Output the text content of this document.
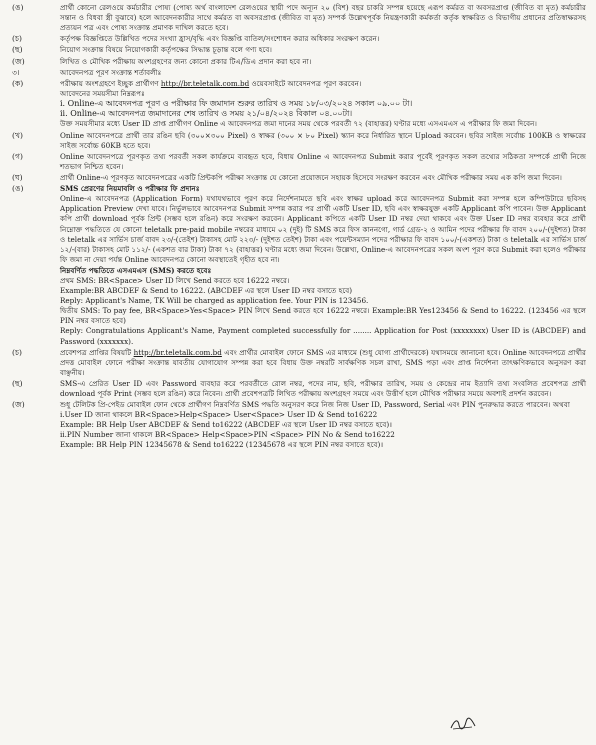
(ঙ)	প্রার্থী কোনো রেলওয়ে কর্মচারীর পোষ্য (পোষ্য অর্থ বাংলাদেশ রেলওয়ের স্থায়ী পদে অন্যূন ২০ (বিশ) বছর চাকরি সম্পন্ন হয়েছে এরূপ কর্মরত বা অবসরপ্রাপ্ত (জীবিত বা মৃত) কর্মচারীর সন্তান ও বিধবা স্ত্রী বুঝাবে) হলে আবেদনকারীর সাথে কর্মরত বা অবসরপ্রাপ্ত (জীবিত বা মৃত) সম্পর্ক উল্লেখপূর্বক নিয়ন্ত্রণকারী কর্মকর্তা কর্তৃক স্বাক্ষরিত ও বিভাগীয় প্রধানের প্রতিস্বাক্ষরসহ প্রত্যয়ন পত্র এবং পোষ্য সংক্রান্ত প্রমাণক দাখিল করতে হবে।

(চ)	কর্তৃপক্ষ বিজ্ঞপ্তিতে উল্লিখিত পদের সংখ্যা হ্রাস/বৃদ্ধি এবং বিজ্ঞপ্তি বাতিল/সংশোধন করার অধিকার সংরক্ষণ করেন।

(ছ)	নিয়োগ সংক্রান্ত বিষয়ে নিয়োগকারী কর্তৃপক্ষের সিদ্ধান্ত চূড়ান্ত বলে গণ্য হবে।

(জ)	লিখিত ও মৌখিক পরীক্ষায় অংশগ্রহণের জন্য কোনো প্রকার টিএ/ডিএ প্রদান করা হবে না।

৩।	আবেদনপত্র পূরণ সংক্রান্ত শর্তাবলীঃ

(ক)	পরীক্ষায় অংশগ্রহণে ইচ্ছুক প্রার্থীগণ http://br.teletalk.com.bd ওয়েবসাইটে আবেদনপত্র পূরণ করবেন।

আবেদনের সময়সীমা নিম্নরূপঃ

i. Online-এ আবেদনপত্র পূরণ ও পরীক্ষার ফি জমাদান শুরুর তারিখ ও সময় ১৮/০৩/২০২৪ সকাল ০৯.০০ টা।

ii. Online-এ আবেদনপত্র জমাদানের শেষ তারিখ ও সময় ২১/০৪/২০২৪ বিকাল ০৪.০০টা।

উক্ত সময়সীমার মধ্যে User ID প্রাপ্ত প্রার্থীগণ Online এ আবেদনপত্র জমা দানের সময় থেকে পরবর্তী ৭২ (বাহাত্তর) ঘণ্টার মধ্যে এসএমএস এ পরীক্ষার ফি জমা দিবেন।

(খ)	Online আবেদনপত্রে প্রার্থী তার রঙিন ছবি (৩০০×৩০০ Pixel) ও স্বাক্ষর (৩০০ × ৮০ Pixel) স্ক্যান করে নির্ধারিত স্থানে Upload করবেন। ছবির সাইজ সর্বোচ্চ 100KB ও স্বাক্ষরের সাইজ সর্বোচ্চ 60KB হতে হবে।

(গ)	Online আবেদনপত্রে পূরণকৃত তথ্য পরবর্তী সকল কার্যক্রমে ব্যবহৃত হবে, বিধায় Online এ আবেদনপত্র Submit করার পূর্বেই পূরণকৃত সকল তথ্যের সঠিকতা সম্পর্কে প্রার্থী নিজে শতভাগ নিশ্চিত হবেন।

(ঘ)	প্রার্থী Online-এ পূরণকৃত আবেদনপত্রের একটি প্রিন্টকপি পরীক্ষা সংক্রান্ত যে কোনো প্রয়োজনে সহায়ক হিসেবে সংরক্ষণ করবেন এবং মৌখিক পরীক্ষার সময় এক কপি জমা দিবেন।

(ঙ)	SMS প্রেরণের নিয়মাবলি ও পরীক্ষার ফি প্রদানঃ

Online-এ আবেদনপত্র (Application Form) যথাযথভাবে পূরণ করে নির্দেশনামতে ছবি এবং স্বাক্ষর upload করে আবেদনপত্র Submit করা সম্পন্ন হলে কম্পিউটারে ছবিসহ Application Preview দেখা যাবে। নির্ভুলভাবে আবেদনপত্র Submit সম্পন্ন করার পর প্রার্থী একটি User ID, ছবি এবং স্বাক্ষরযুক্ত একটি Applicant কপি পাবেন। উক্ত Applicant কপি প্রার্থী download পূর্বক প্রিন্ট (সম্ভব হলে রঙিন) করে সংরক্ষণ করবেন। Applicant কপিতে একটি User ID নম্বর দেয়া থাকবে এবং উক্ত User ID নম্বর ব্যবহার করে প্রার্থী নিম্নোক্ত পদ্ধতিতে যে কোনো teletalk pre-paid mobile নম্বরের মাধ্যমে ০২ (দুই) টি SMS করে ফিস কাননগো, গার্ড গ্রেড-২ ও আমিন পদের পরীক্ষার ফি বাবদ ২০০/-(দুইশত) টাকা ও teletalk এর সার্ভিস চার্জ বাবদ ২৩/-(তেইশ) টাকাসহ মোট ২২৩/- (দুইশত তেইশ) টাকা এবং পয়েন্টসম্যান পদের পরীক্ষার ফি বাবদ ১০০/-(একশত) টাকা ও teletalk এর সার্ভিস চার্জ ১২/-(বার) টাকাসহ মোট ১১২/- (একশত বার টাকা) টাকা ৭২ (বাহাত্তর) ঘণ্টার মধ্যে জমা দিবেন। উল্লেখ্য, Online-এ আবেদনপত্রের সকল অংশ পূরণ করে Submit করা হলেও পরীক্ষার ফি জমা না দেয়া পর্যন্ত Online আবেদনপত্র কোনো অবস্থাতেই গৃহীত হবে না।

নিম্নবর্ণিত পদ্ধতিতে এসএমএস (SMS) করতে হবেঃ

প্রথম SMS: BR<Space> User ID লিখে Send করতে হবে 16222 নম্বরে।

Example:BR ABCDEF & Send to 16222. (ABCDEF এর স্থলে User ID নম্বর বসাতে হবে)

Reply: Applicant's Name, TK Will be charged as application fee. Your PIN is 123456.

দ্বিতীয় SMS: To pay fee, BR<Space>Yes<Space> PIN লিখে Send করতে হবে 16222 নম্বরে। Example:BR Yes123456 & Send to 16222. (123456 এর স্থলে PIN নম্বর বসাতে হবে)

Reply: Congratulations Applicant's Name, Payment completed successfully for ........ Application for Post (xxxxxxxx) User ID is (ABCDEF) and Password (xxxxxxx).

(চ)	প্রবেশপত্র প্রাপ্তির বিষয়টি http://br.teletalk.com.bd এবং প্রার্থীর মোবাইল ফোনে SMS এর মাধ্যমে (শুধু যোগ্য প্রার্থীদেরকে) যথাসময়ে জানানো হবে। Online আবেদনপত্রে প্রার্থীর প্রদত্ত মোবাইল ফোনে পরীক্ষা সংক্রান্ত যাবতীয় যোগাযোগ সম্পন্ন করা হবে বিধায় উক্ত নম্বরটি সার্বক্ষণিক সচল রাখা, SMS পড়া এবং প্রাপ্ত নির্দেশনা তাৎক্ষণিকভাবে অনুসরণ করা বাঞ্ছনীয়।

(ছ)	SMS-এ প্রেরিত User ID এবং Password ব্যবহার করে পরবর্তীতে রোল নম্বর, পদের নাম, ছবি, পরীক্ষার তারিখ, সময় ও কেন্দ্রের নাম ইত্যাদি তথ্য সংবলিত প্রবেশপত্র প্রার্থী download পূর্বক Print (সম্ভব হলে রঙিন) করে নিবেন। প্রার্থী প্রবেশপত্রটি লিখিত পরীক্ষায় অংশগ্রহণ সময়ে এবং উত্তীর্ণ হলে মৌখিক পরীক্ষার সময়ে অবশ্যই প্রদর্শন করবেন।

(জ)	শুধু টেলিটক প্রি-পেইড মোবাইল ফোন থেকে প্রার্থীগণ নিম্নবর্ণিত SMS পদ্ধতি অনুসরণ করে নিজ নিজ User ID, Password, Serial এবং PIN পুনরুদ্ধার করতে পারবেন। অথবা

i.User ID জানা থাকলে BR<Space>Help<Space> User<Space> User ID & Send to16222

Example: BR Help User ABCDEF & Send to16222 (ABCDEF এর স্থলে User ID নম্বর বসাতে হবে)।

ii.PIN Number জানা থাকলে BR<Space> Help<Space>PIN <Space> PIN No & Send to16222

Example: BR Help PIN 12345678 & Send to16222 (12345678 এর স্থলে PIN নম্বর বসাতে হবে)।
